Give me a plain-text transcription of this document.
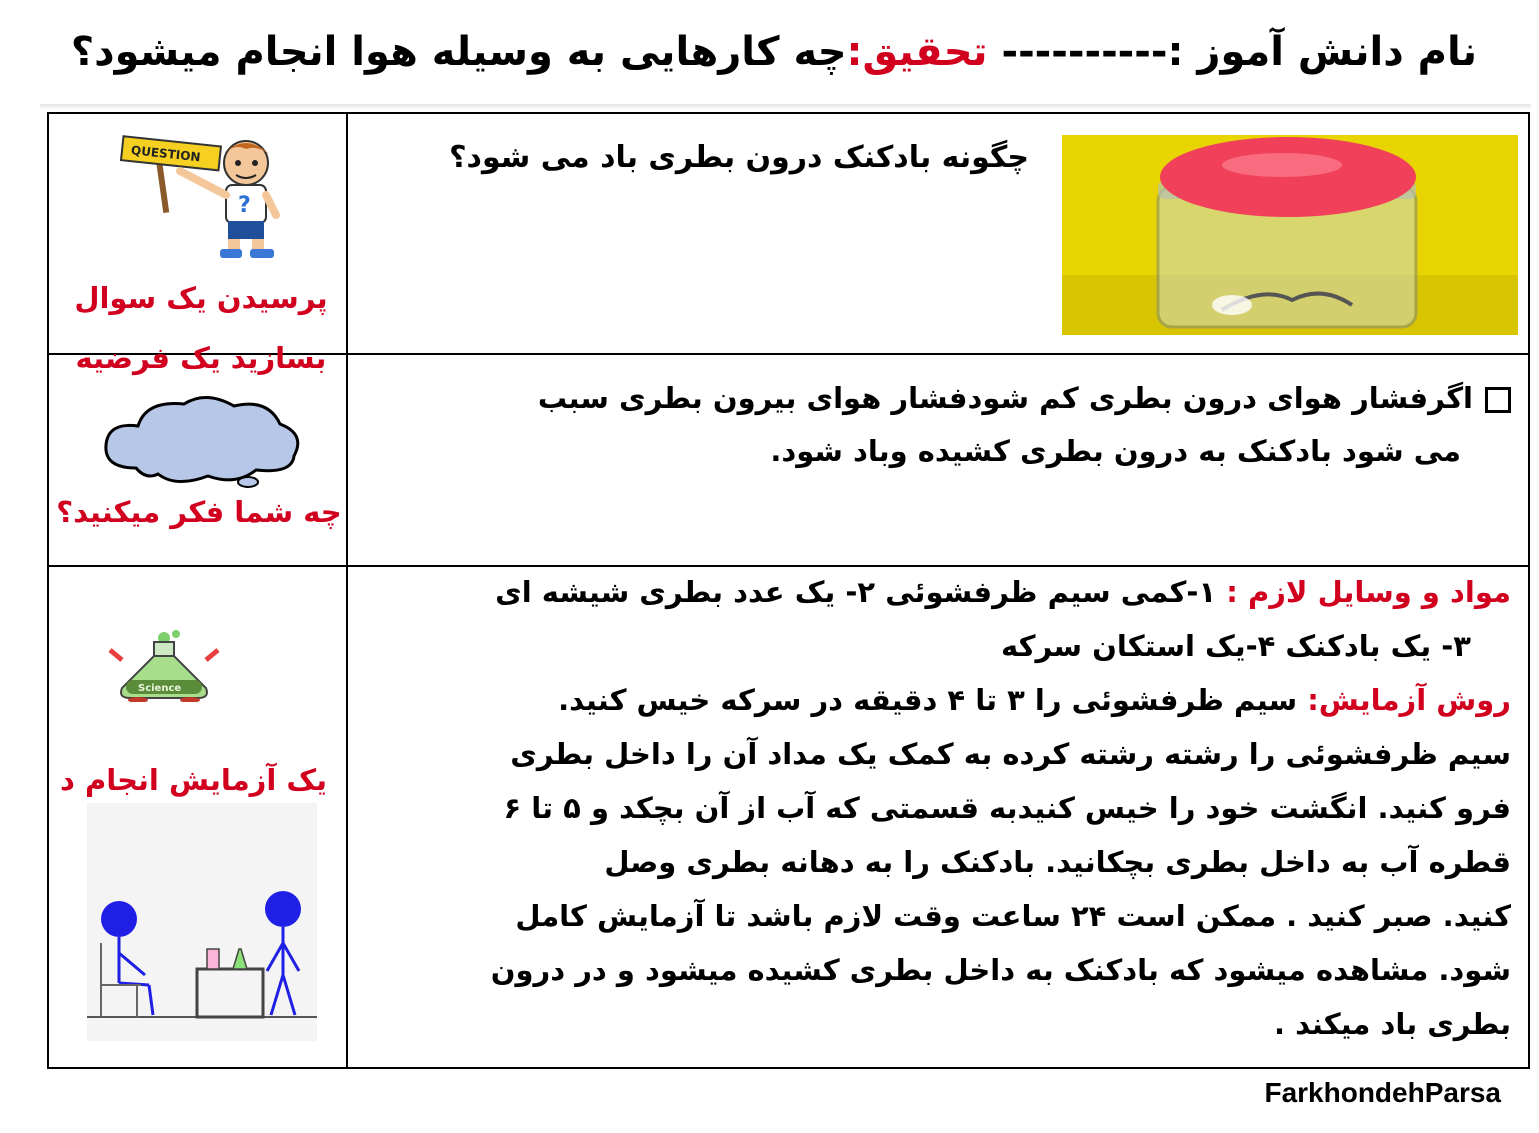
نام دانش آموز :---------- تحقیق:چه کارهایی به وسیله هوا انجام میشود؟
QUESTION
?
پرسیدن یک سوال
چگونه بادکنک درون بطری باد می شود؟
بسازید یک فرضیه
چه شما فکر میکنید؟
اگرفشار هوای درون بطری کم شودفشار هوای بیرون بطری سبب
می شود بادکنک به درون بطری کشیده وباد شود.
Science
یک آزمایش انجام د
مواد و وسایل لازم : ۱-کمی سیم ظرفشوئی ۲- یک عدد بطری شیشه ای
۳- یک بادکنک ۴-یک استکان سرکه
روش آزمایش: سیم ظرفشوئی را ۳ تا ۴ دقیقه در سرکه خیس کنید.
سیم ظرفشوئی را رشته رشته کرده به کمک یک مداد آن را داخل بطری
فرو کنید. انگشت خود را خیس کنیدبه قسمتی که آب از آن بچکد و ۵ تا ۶
قطره آب به داخل بطری بچکانید. بادکنک را به دهانه بطری وصل
کنید. صبر کنید . ممکن است ۲۴ ساعت وقت لازم باشد تا آزمایش کامل
شود. مشاهده میشود که بادکنک به داخل بطری کشیده میشود و در درون
بطری باد میکند .
FarkhondehParsa
